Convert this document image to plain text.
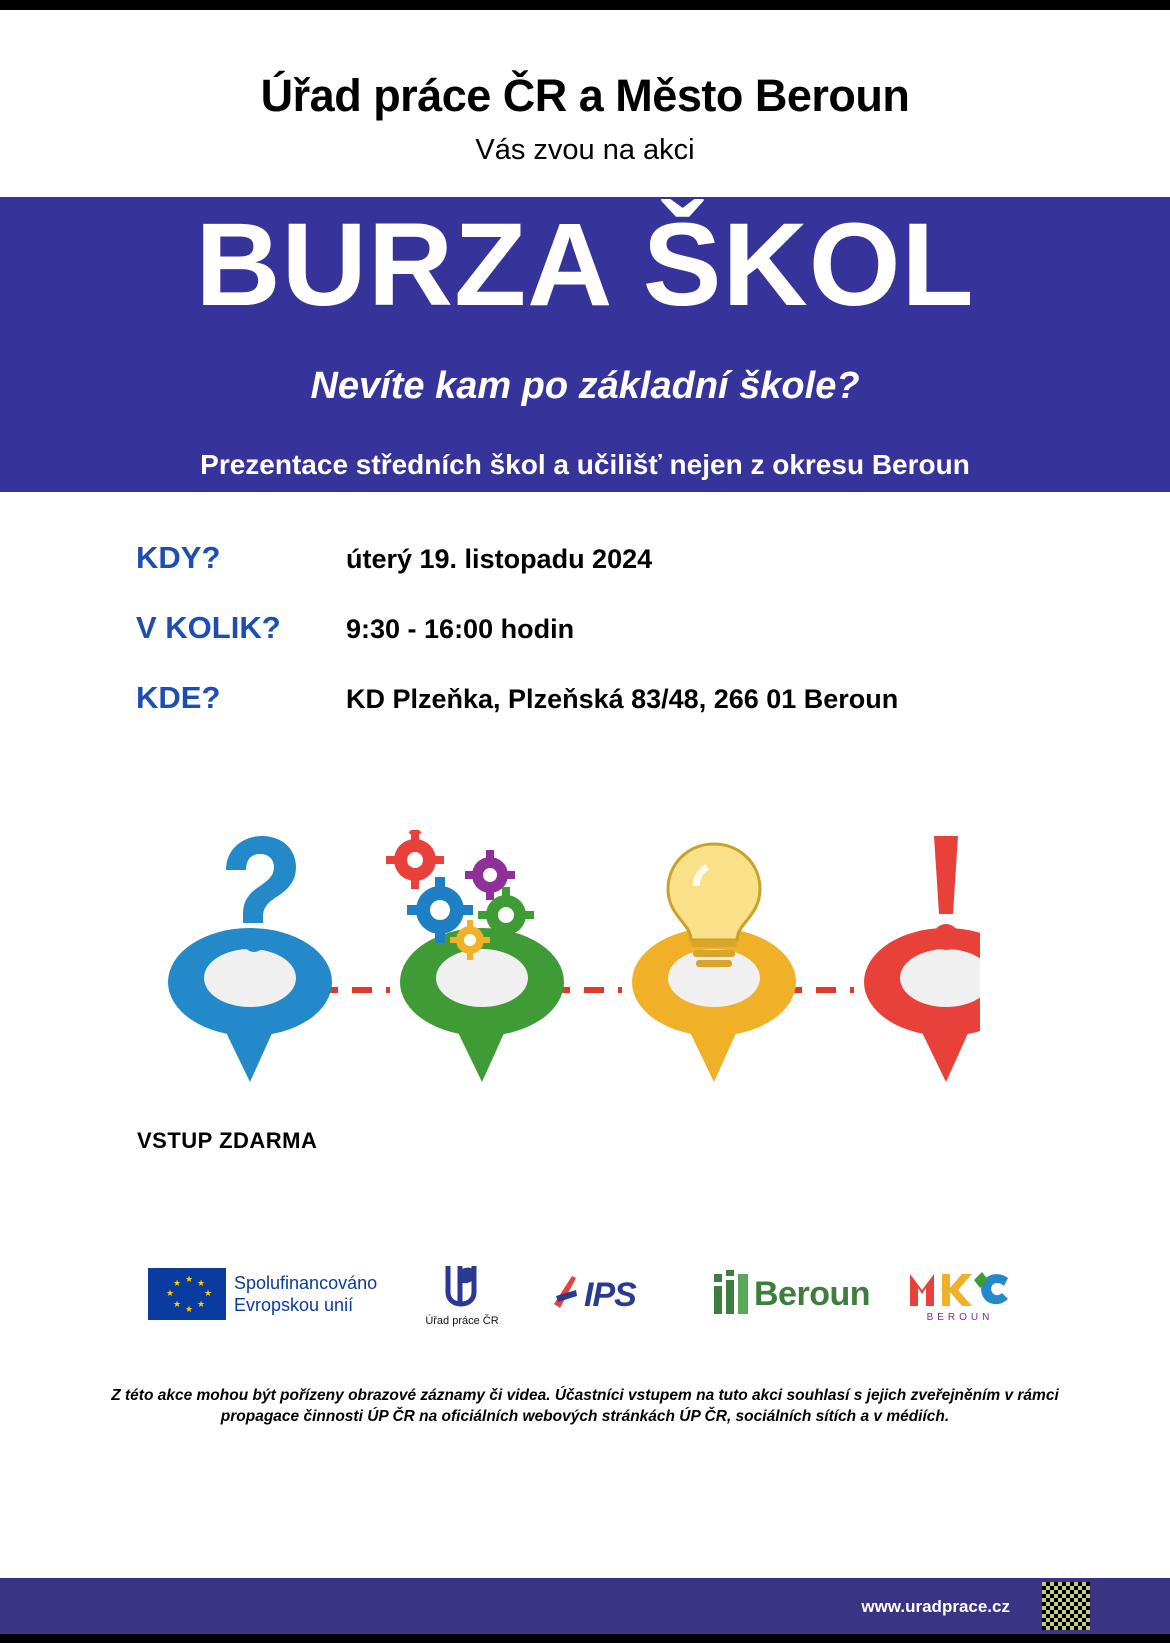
Úřad práce ČR a Město Beroun
Vás zvou na akci
BURZA ŠKOL
Nevíte kam po základní škole?
Prezentace středních škol a učilišť nejen z okresu Beroun
KDY?	úterý 19. listopadu 2024
V KOLIK?	9:30 - 16:00 hodin
KDE?	KD Plzeňka, Plzeňská 83/48, 266 01 Beroun
VSTUP ZDARMA
★ ★
★
★
★
★
★
★	Spolufinancováno
Evropskou unií
Úřad práce ČR
IPS	Beroun
BEROUN
Z této akce mohou být pořízeny obrazové záznamy či videa. Účastníci vstupem na tuto akci souhlasí s jejich zveřejněním v rámci
propagace činnosti ÚP ČR na oficiálních webových stránkách ÚP ČR, sociálních sítích a v médiích.
www.uradprace.cz
